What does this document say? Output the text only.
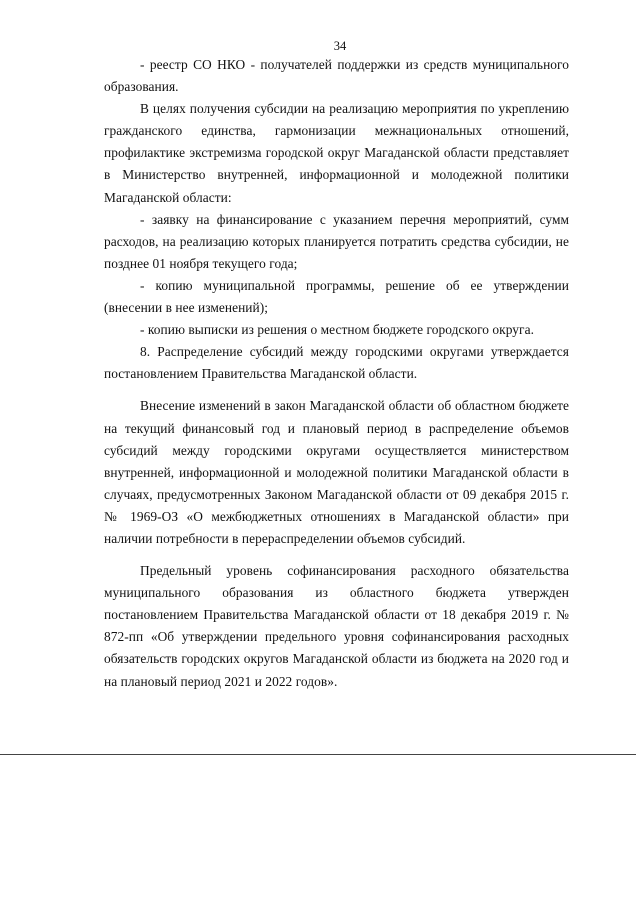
34

- реестр СО НКО - получателей поддержки из средств муниципального образования.

В целях получения субсидии на реализацию мероприятия по укреплению гражданского единства, гармонизации межнациональных отношений, профилактике экстремизма городской округ Магаданской области представляет в Министерство внутренней, информационной и молодежной политики Магаданской области:

- заявку на финансирование с указанием перечня мероприятий, сумм расходов, на реализацию которых планируется потратить средства субсидии, не позднее 01 ноября текущего года;

- копию муниципальной программы, решение об ее утверждении (внесении в нее изменений);

- копию выписки из решения о местном бюджете городского округа.

8. Распределение субсидий между городскими округами утверждается постановлением Правительства Магаданской области.

Внесение изменений в закон Магаданской области об областном бюджете на текущий финансовый год и плановый период в распределение объемов субсидий между городскими округами осуществляется министерством внутренней, информационной и молодежной политики Магаданской области в случаях, предусмотренных Законом Магаданской области от 09 декабря 2015 г. № 1969-ОЗ «О межбюджетных отношениях в Магаданской области» при наличии потребности в перераспределении объемов субсидий.

Предельный уровень софинансирования расходного обязательства муниципального образования из областного бюджета утвержден постановлением Правительства Магаданской области от 18 декабря 2019 г. № 872-пп «Об утверждении предельного уровня софинансирования расходных обязательств городских округов Магаданской области из бюджета на 2020 год и на плановый период 2021 и 2022 годов».
